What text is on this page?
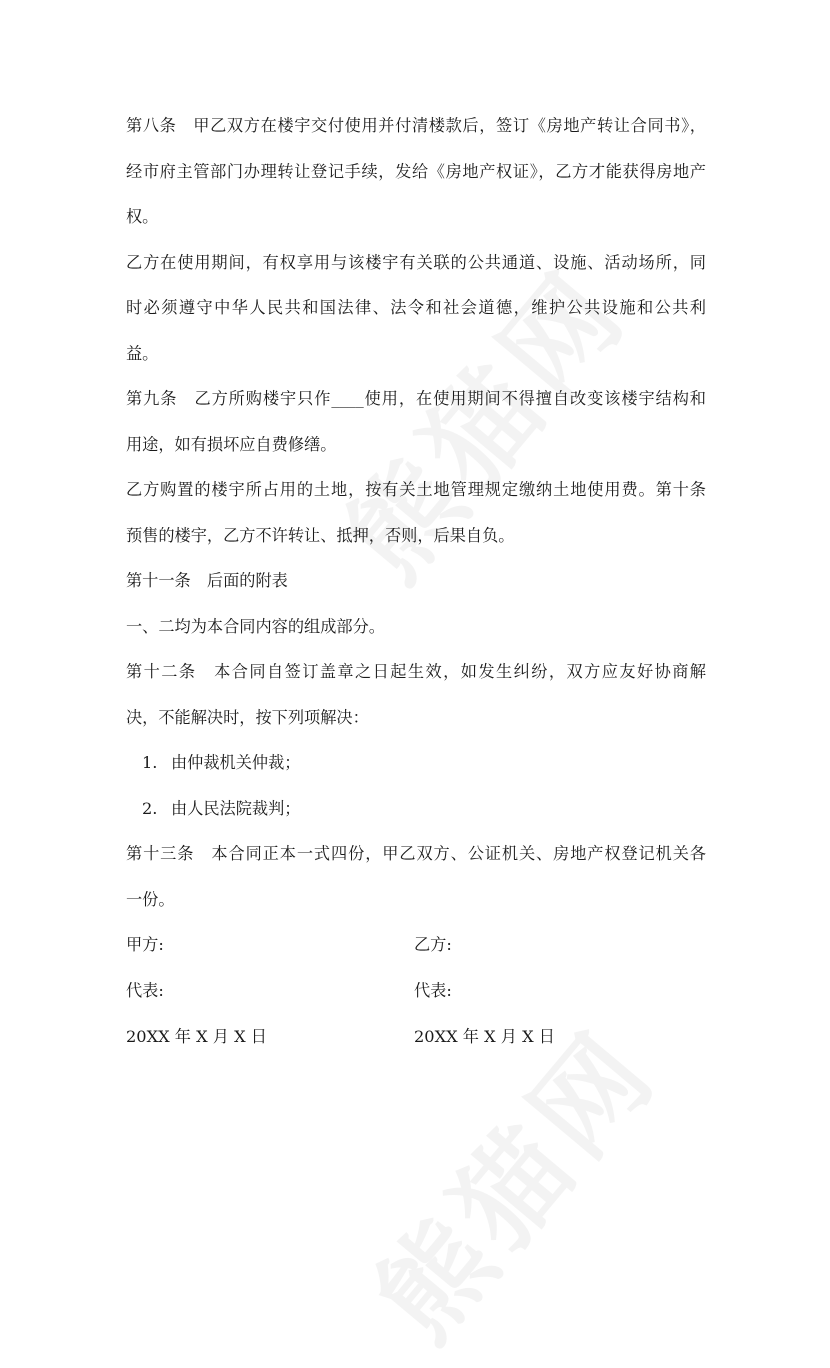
第八条　甲乙双方在楼宇交付使用并付清楼款后，签订《房地产转让合同书》，
经市府主管部门办理转让登记手续，发给《房地产权证》，乙方才能获得房地产
权。
乙方在使用期间，有权享用与该楼宇有关联的公共通道、设施、活动场所，同
时必须遵守中华人民共和国法律、法令和社会道德，维护公共设施和公共利
益。
第九条　乙方所购楼宇只作____使用，在使用期间不得擅自改变该楼宇结构和
用途，如有损坏应自费修缮。
乙方购置的楼宇所占用的土地，按有关土地管理规定缴纳土地使用费。第十条
预售的楼宇，乙方不许转让、抵押，否则，后果自负。
第十一条　后面的附表
一、二均为本合同内容的组成部分。
第十二条　本合同自签订盖章之日起生效，如发生纠纷，双方应友好协商解
决，不能解决时，按下列项解决：
1. 由仲裁机关仲裁；
2. 由人民法院裁判；
第十三条　本合同正本一式四份，甲乙双方、公证机关、房地产权登记机关各
一份。
甲方:	乙方:
代表:	代表:
20XX 年 X 月 X 日	20XX 年 X 月 X 日
